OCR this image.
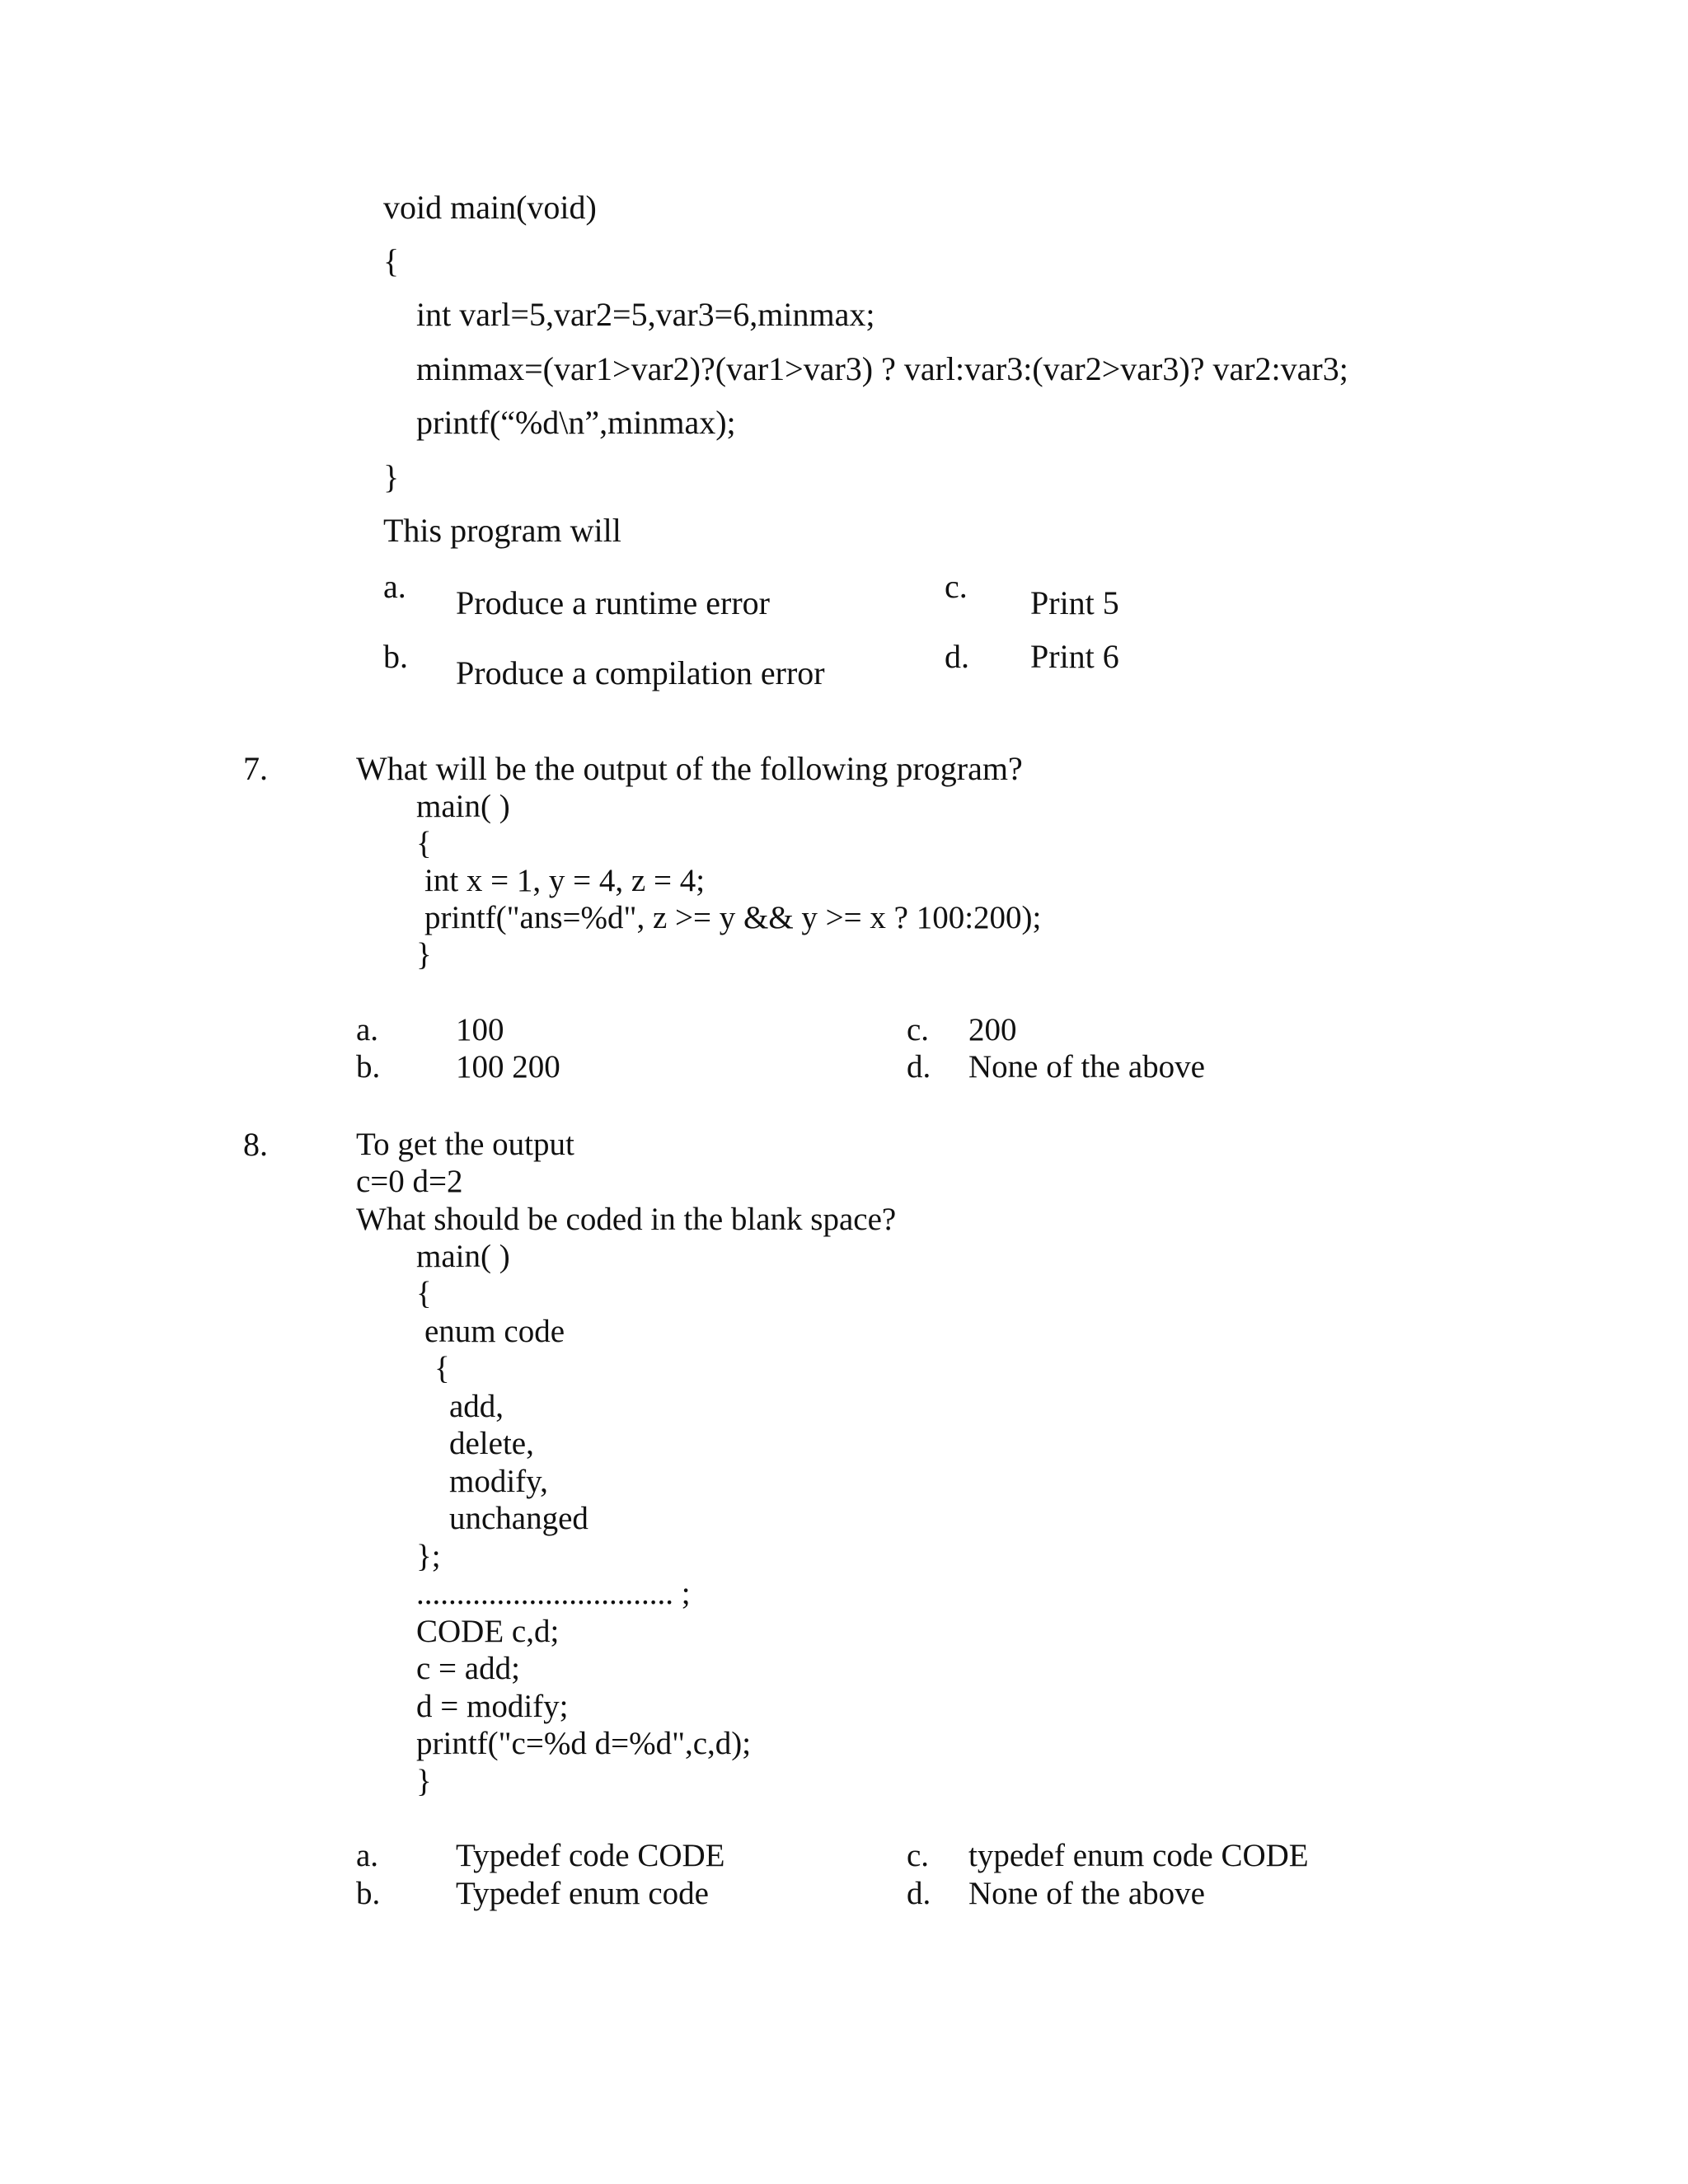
void main(void)
{
int varl=5,var2=5,var3=6,minmax;
minmax=(var1>var2)?(var1>var3) ? varl:var3:(var2>var3)? var2:var3;
printf(“%d\n”,minmax);
}
This program will
a. Produce a runtime error
b. Produce a compilation error
c. Print 5
d. Print 6
7.	What will be the output of the following program?
main( )
{
int x = 1, y = 4, z = 4;
printf("ans=%d", z >= y && y >= x ? 100:200);
}
a. 100
b. 100 200
c. 200
d. None of the above
8.	To get the output
c=0 d=2
What should be coded in the blank space?
main( )
{
enum code
{
add,
delete,
modify,
unchanged
};
................................ ;
CODE c,d;
c = add;
d = modify;
printf("c=%d d=%d",c,d);
}
a. Typedef code CODE
b. Typedef enum code
c. typedef enum code CODE
d. None of the above
